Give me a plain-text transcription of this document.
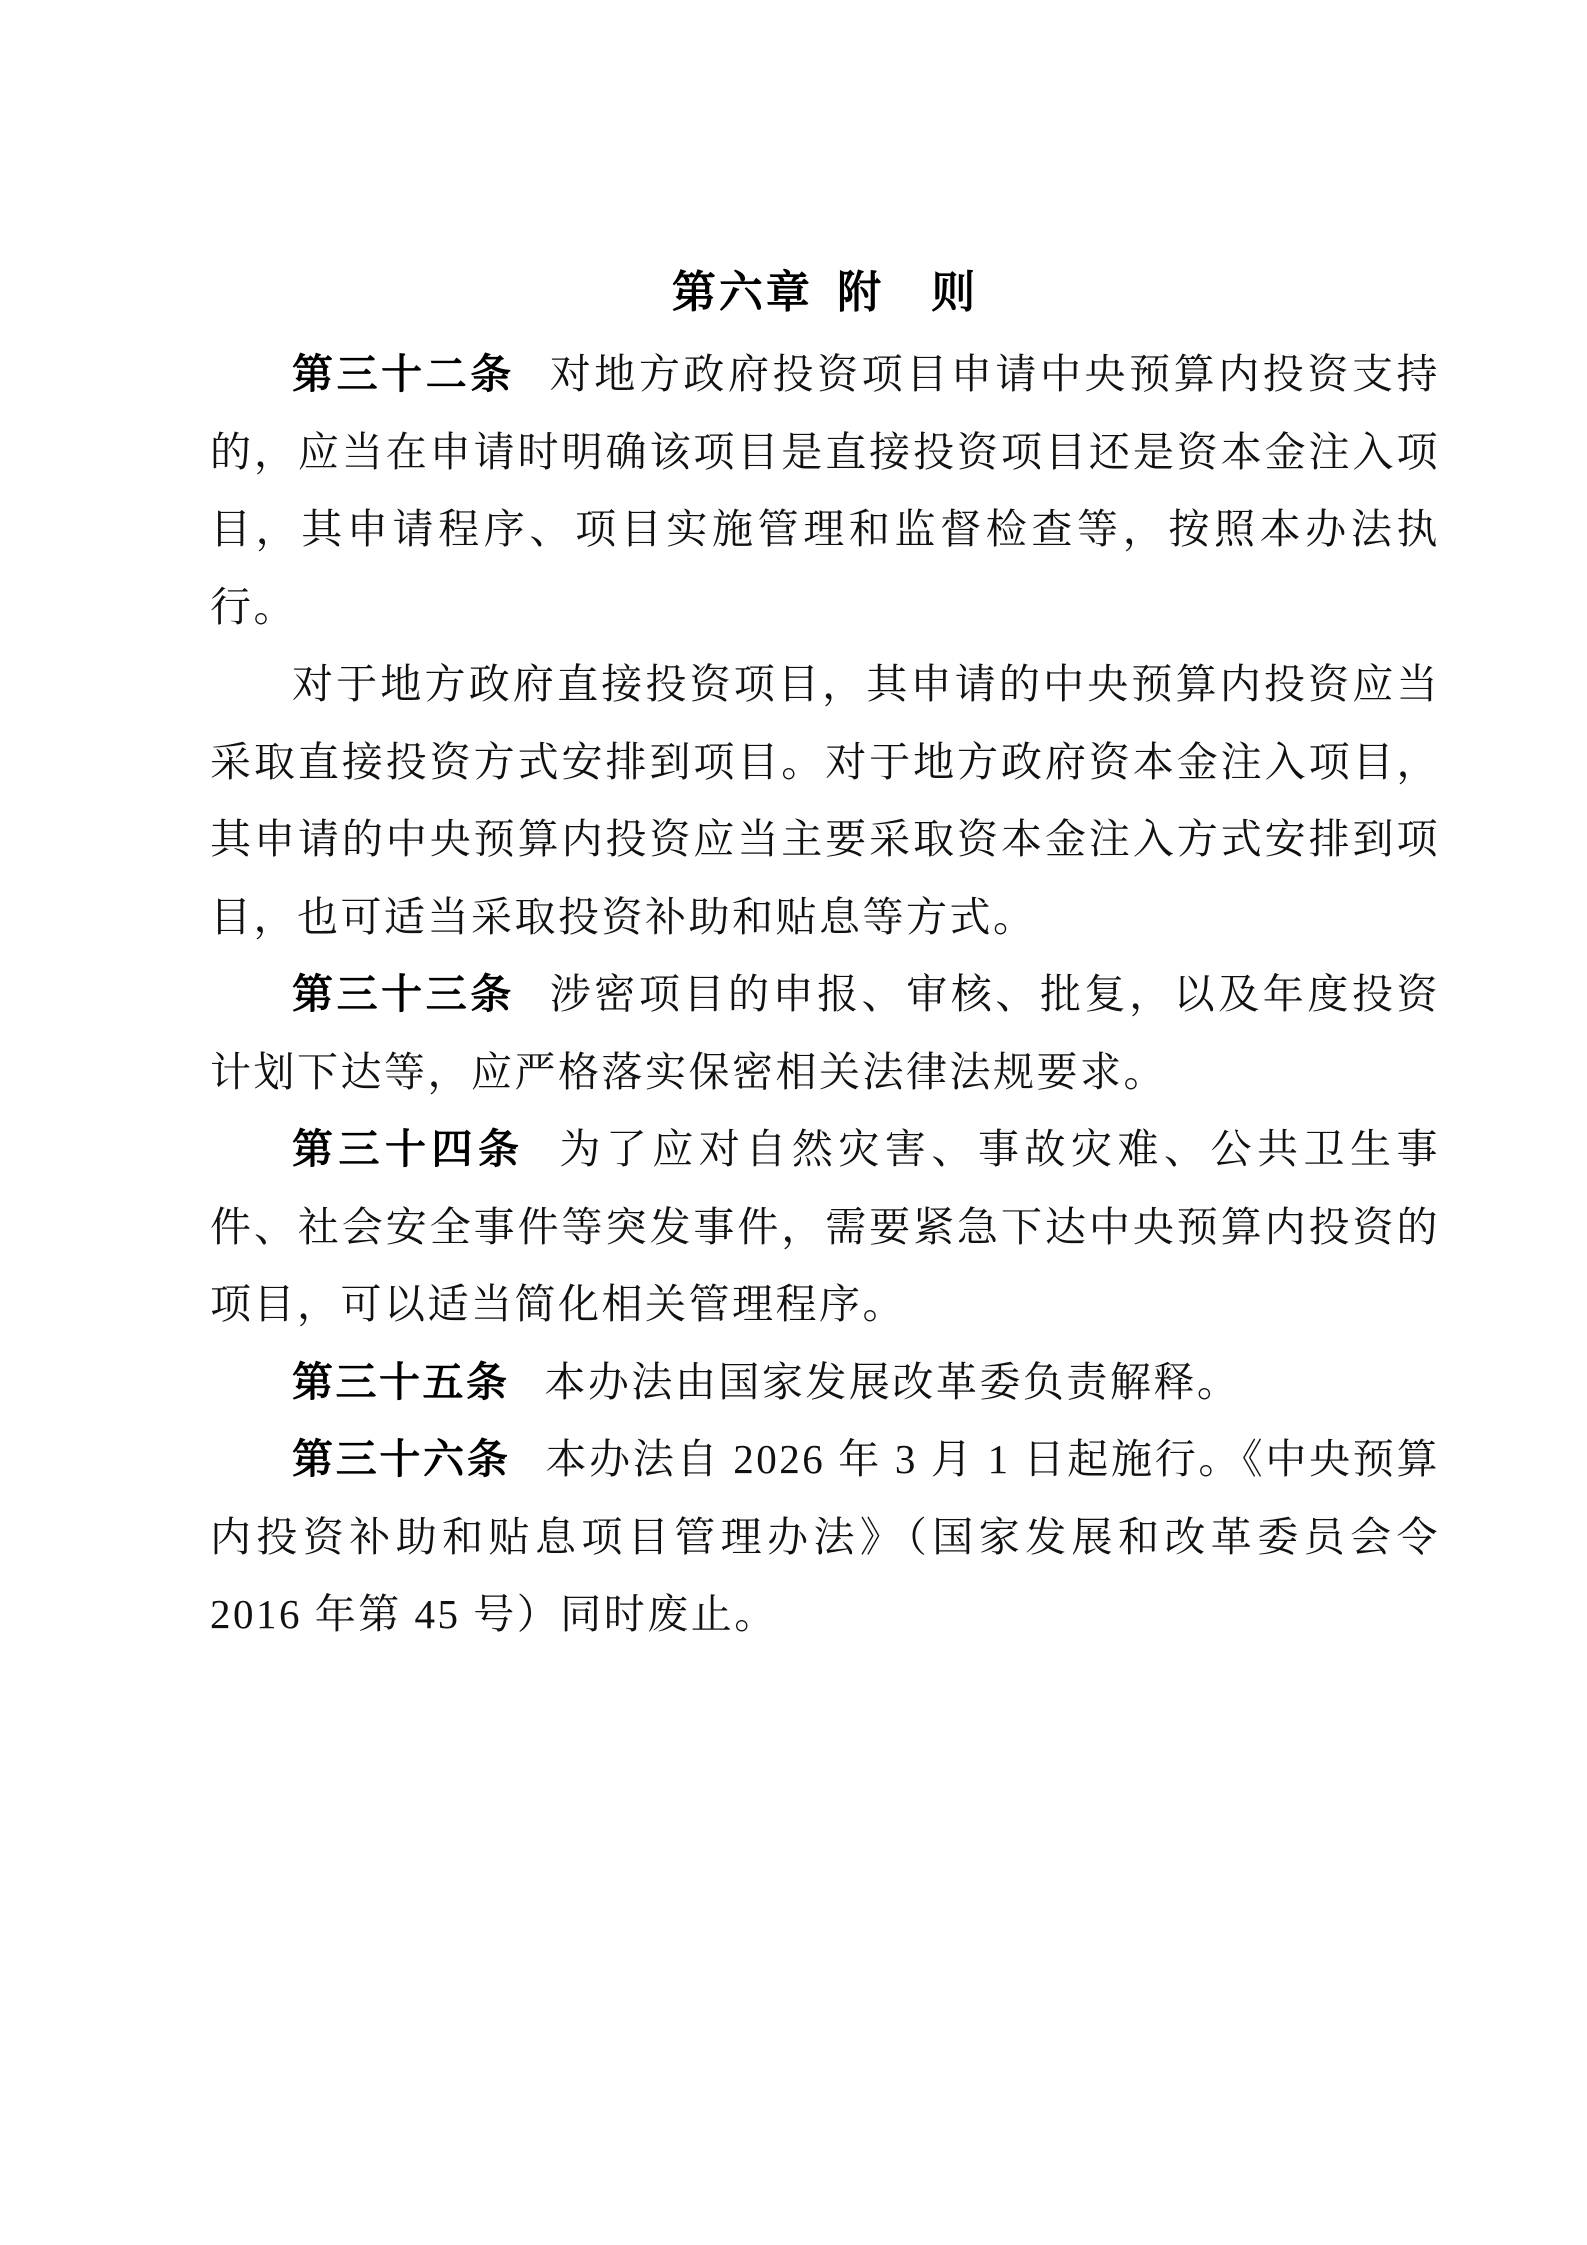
第六章 附　则

第三十二条 对地方政府投资项目申请中央预算内投资支持的，应当在申请时明确该项目是直接投资项目还是资本金注入项目，其申请程序、项目实施管理和监督检查等，按照本办法执行。

对于地方政府直接投资项目，其申请的中央预算内投资应当采取直接投资方式安排到项目。对于地方政府资本金注入项目，其申请的中央预算内投资应当主要采取资本金注入方式安排到项目，也可适当采取投资补助和贴息等方式。

第三十三条 涉密项目的申报、审核、批复，以及年度投资计划下达等，应严格落实保密相关法律法规要求。

第三十四条 为了应对自然灾害、事故灾难、公共卫生事件、社会安全事件等突发事件，需要紧急下达中央预算内投资的项目，可以适当简化相关管理程序。

第三十五条 本办法由国家发展改革委负责解释。

第三十六条 本办法自 2026 年 3 月 1 日起施行。《中央预算内投资补助和贴息项目管理办法》（国家发展和改革委员会令 2016 年第 45 号）同时废止。
